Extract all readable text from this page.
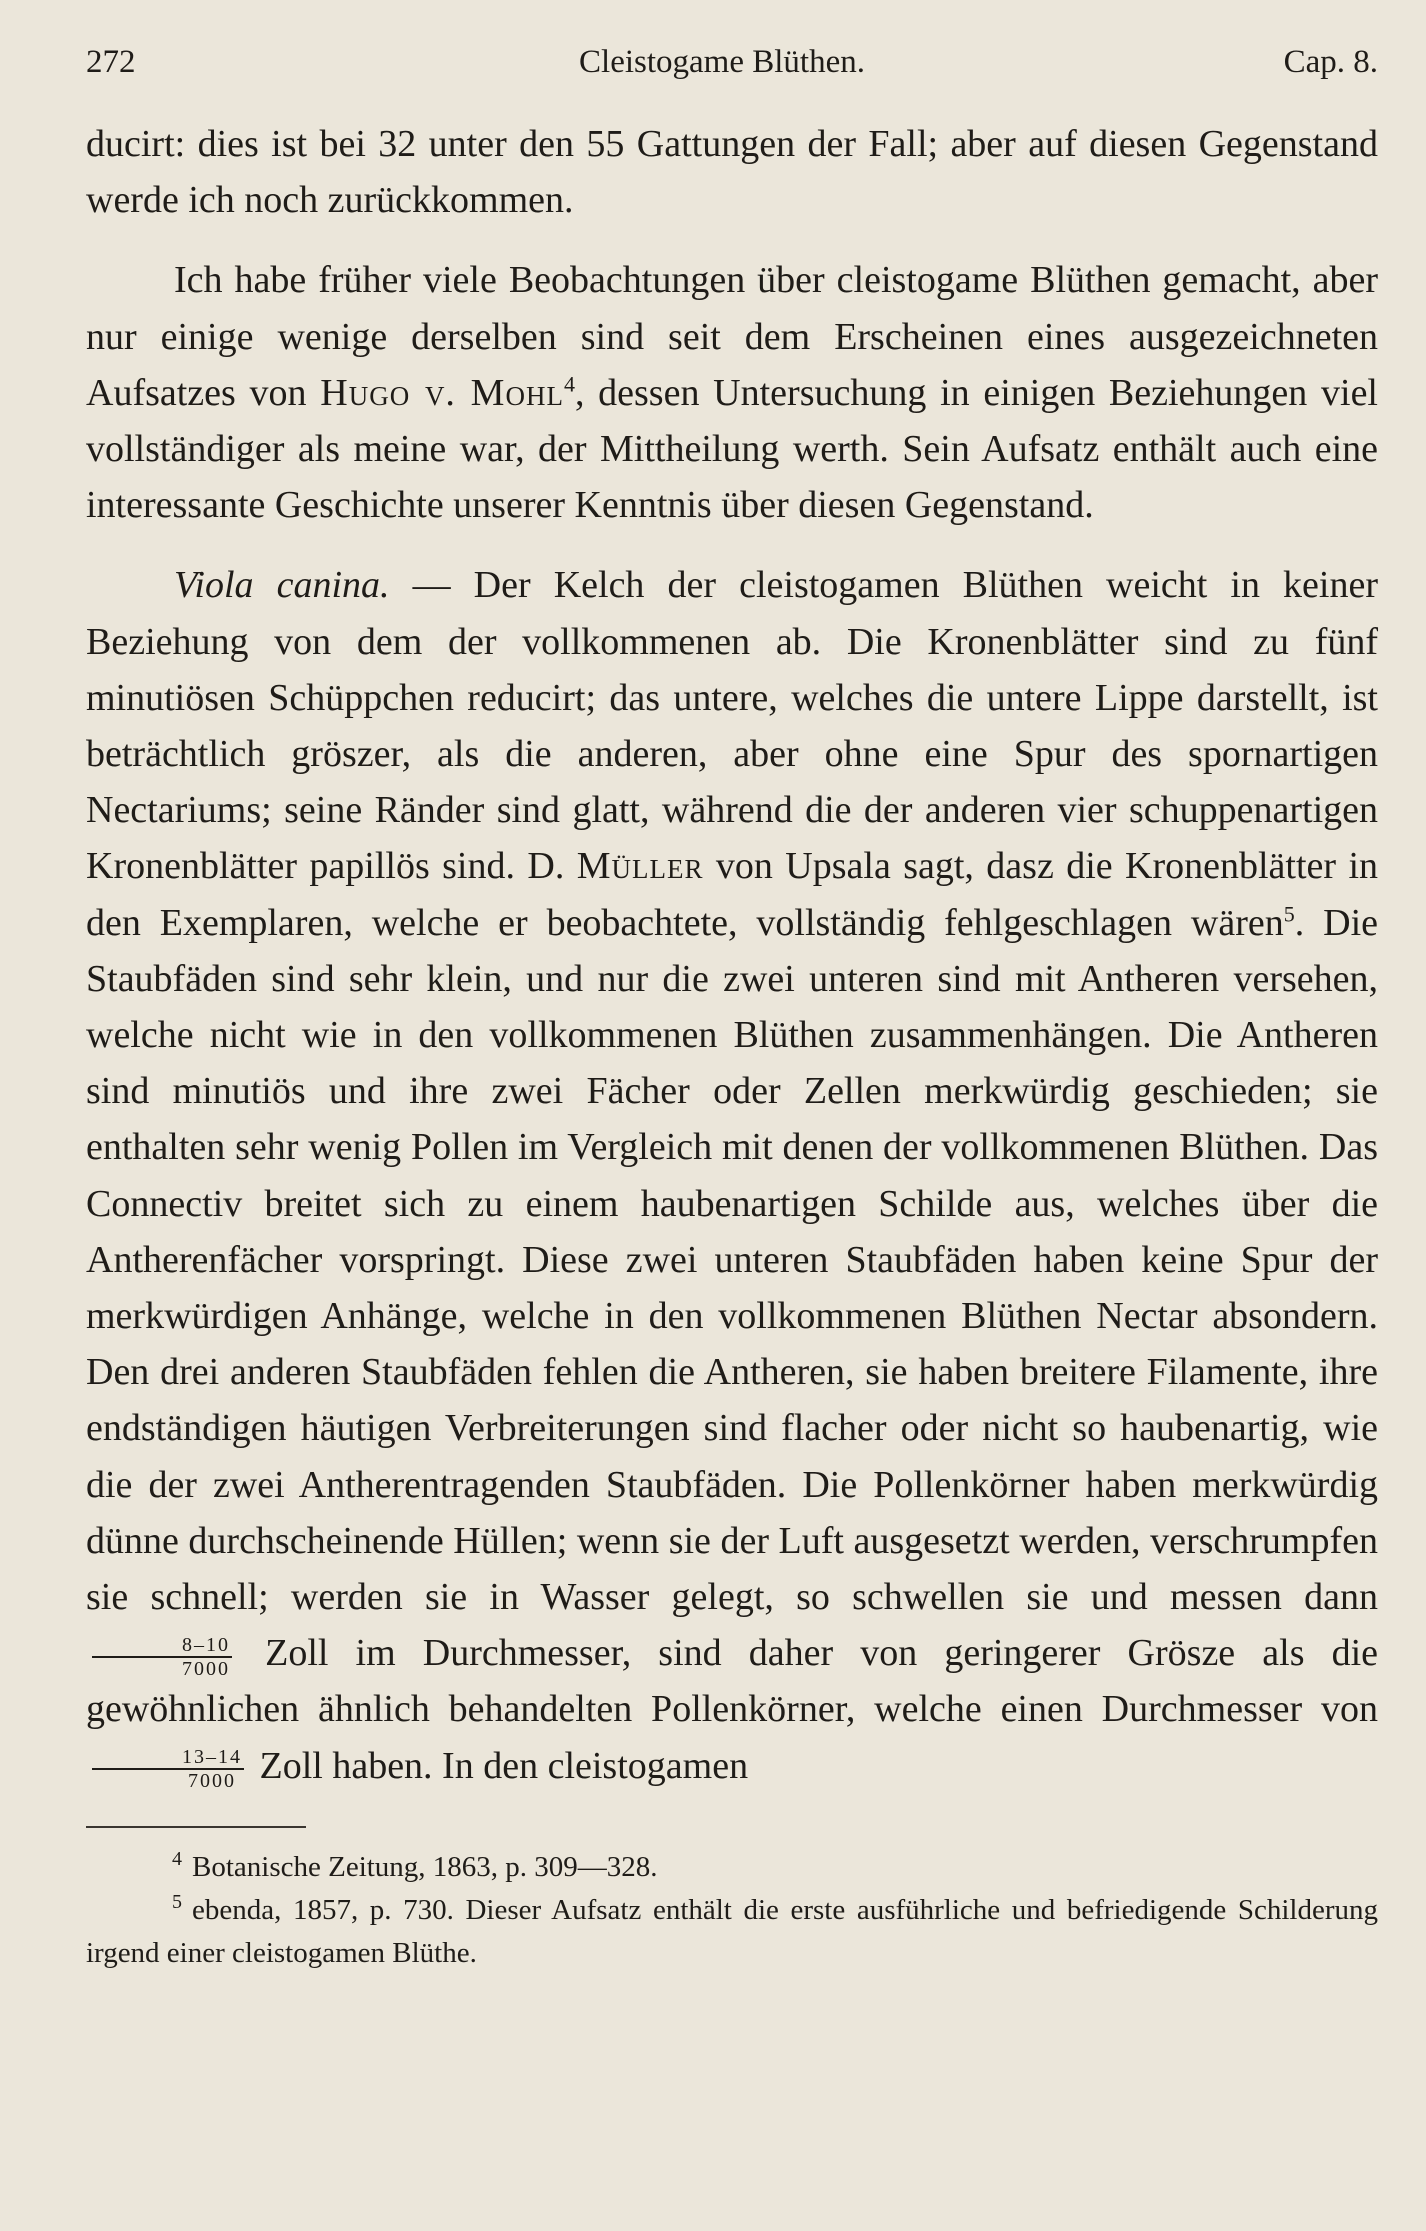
272	Cleistogame Blüthen.	Cap. 8.

ducirt: dies ist bei 32 unter den 55 Gattungen der Fall; aber auf diesen Gegenstand werde ich noch zurückkommen.

Ich habe früher viele Beobachtungen über cleistogame Blüthen gemacht, aber nur einige wenige derselben sind seit dem Erscheinen eines ausgezeichneten Aufsatzes von Hugo v. Mohl$^4$, dessen Untersuchung in einigen Beziehungen viel vollständiger als meine war, der Mittheilung werth. Sein Aufsatz enthält auch eine interessante Geschichte unserer Kenntnis über diesen Gegenstand.

Viola canina. — Der Kelch der cleistogamen Blüthen weicht in keiner Beziehung von dem der vollkommenen ab. Die Kronenblätter sind zu fünf minutiösen Schüppchen reducirt; das untere, welches die untere Lippe darstellt, ist beträchtlich gröszer, als die anderen, aber ohne eine Spur des spornartigen Nectariums; seine Ränder sind glatt, während die der anderen vier schuppenartigen Kronenblätter papillös sind. D. Müller von Upsala sagt, dasz die Kronenblätter in den Exemplaren, welche er beobachtete, vollständig fehlgeschlagen wären$^5$. Die Staubfäden sind sehr klein, und nur die zwei unteren sind mit Antheren versehen, welche nicht wie in den vollkommenen Blüthen zusammenhängen. Die Antheren sind minutiös und ihre zwei Fächer oder Zellen merkwürdig geschieden; sie enthalten sehr wenig Pollen im Vergleich mit denen der vollkommenen Blüthen. Das Connectiv breitet sich zu einem haubenartigen Schilde aus, welches über die Antherenfächer vorspringt. Diese zwei unteren Staubfäden haben keine Spur der merkwürdigen Anhänge, welche in den vollkommenen Blüthen Nectar absondern. Den drei anderen Staubfäden fehlen die Antheren, sie haben breitere Filamente, ihre endständigen häutigen Verbreiterungen sind flacher oder nicht so haubenartig, wie die der zwei Antherentragenden Staubfäden. Die Pollenkörner haben merkwürdig dünne durchscheinende Hüllen; wenn sie der Luft ausgesetzt werden, verschrumpfen sie schnell; werden sie in Wasser gelegt, so schwellen sie und messen dann
$\frac{8-10}{7000}$ Zoll im Durchmesser, sind daher von geringerer Grösze als die gewöhnlichen ähnlich behandelten Pollenkörner, welche einen Durchmesser von
$\frac{13-14}{7000}$ Zoll haben. In den cleistogamen

$^4$ Botanische Zeitung, 1863, p. 309—328.

$^5$ ebenda, 1857, p. 730. Dieser Aufsatz enthält die erste ausführliche und befriedigende Schilderung irgend einer cleistogamen Blüthe.
